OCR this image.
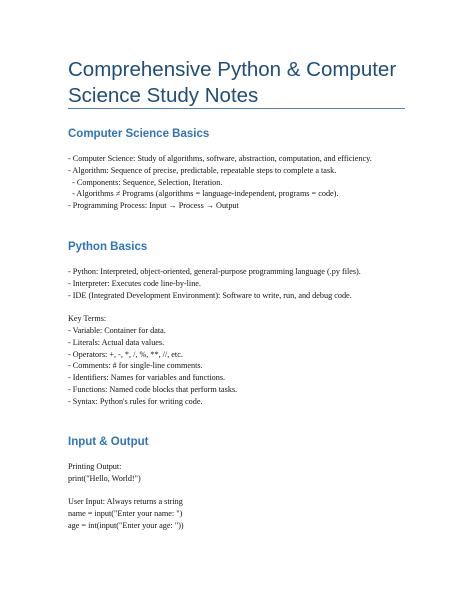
Comprehensive Python & Computer Science Study Notes
Computer Science Basics
- Computer Science: Study of algorithms, software, abstraction, computation, and efficiency.
- Algorithm: Sequence of precise, predictable, repeatable steps to complete a task.
- Components: Sequence, Selection, Iteration.
- Algorithms ≠ Programs (algorithms = language-independent, programs = code).
- Programming Process: Input → Process → Output
Python Basics
- Python: Interpreted, object-oriented, general-purpose programming language (.py files).
- Interpreter: Executes code line-by-line.
- IDE (Integrated Development Environment): Software to write, run, and debug code.
Key Terms:
- Variable: Container for data.
- Literals: Actual data values.
- Operators: +, -, *, /, %, **, //, etc.
- Comments: # for single-line comments.
- Identifiers: Names for variables and functions.
- Functions: Named code blocks that perform tasks.
- Syntax: Python's rules for writing code.
Input & Output
Printing Output:
print("Hello, World!")
User Input: Always returns a string
name = input("Enter your name: ")
age = int(input("Enter your age: "))
